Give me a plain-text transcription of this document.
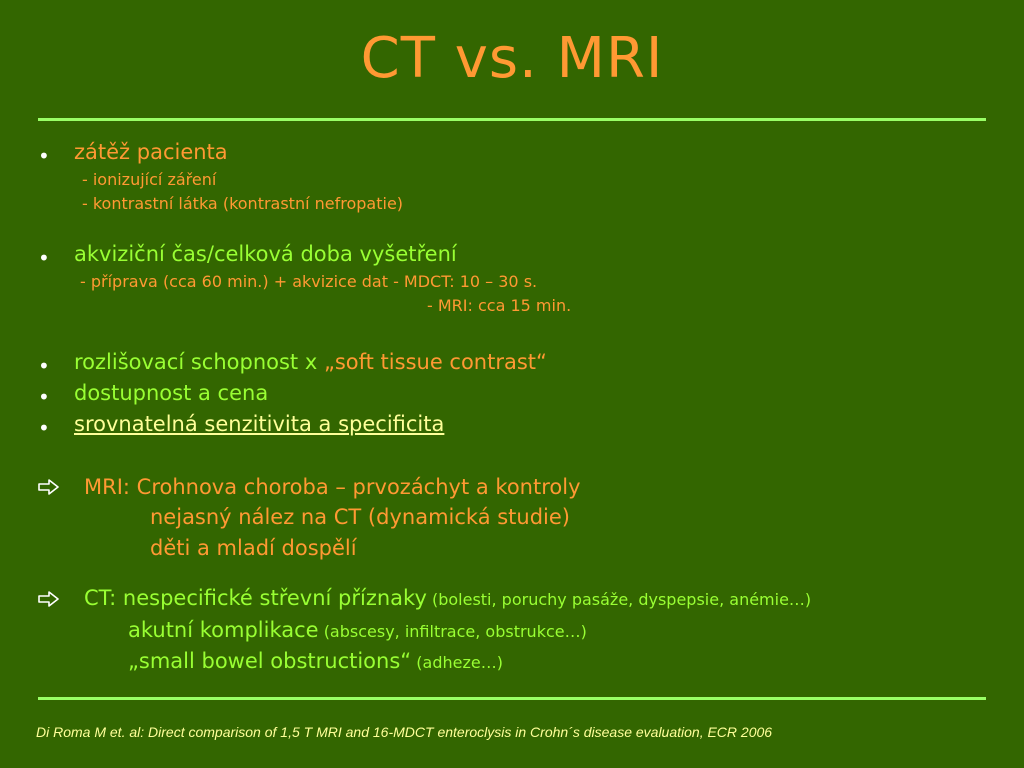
CT vs. MRI
• zátěž pacienta
- ionizující záření
- kontrastní látka (kontrastní nefropatie)
• akviziční čas/celková doba vyšetření
- příprava (cca 60 min.) + akvizice dat - MDCT: 10 – 30 s.
- MRI: cca 15 min.
• rozlišovací schopnost x „soft tissue contrast“
• dostupnost a cena
• srovnatelná senzitivita a specificita
MRI: Crohnova choroba – prvozáchyt a kontroly
nejasný nález na CT (dynamická studie)
děti a mladí dospělí
CT: nespecifické střevní příznaky (bolesti, poruchy pasáže, dyspepsie, anémie…)
akutní komplikace (abscesy, infiltrace, obstrukce…)
„small bowel obstructions“ (adheze…)
Di Roma M et. al: Direct comparison of 1,5 T MRI and 16-MDCT enteroclysis in Crohn´s disease evaluation, ECR 2006
